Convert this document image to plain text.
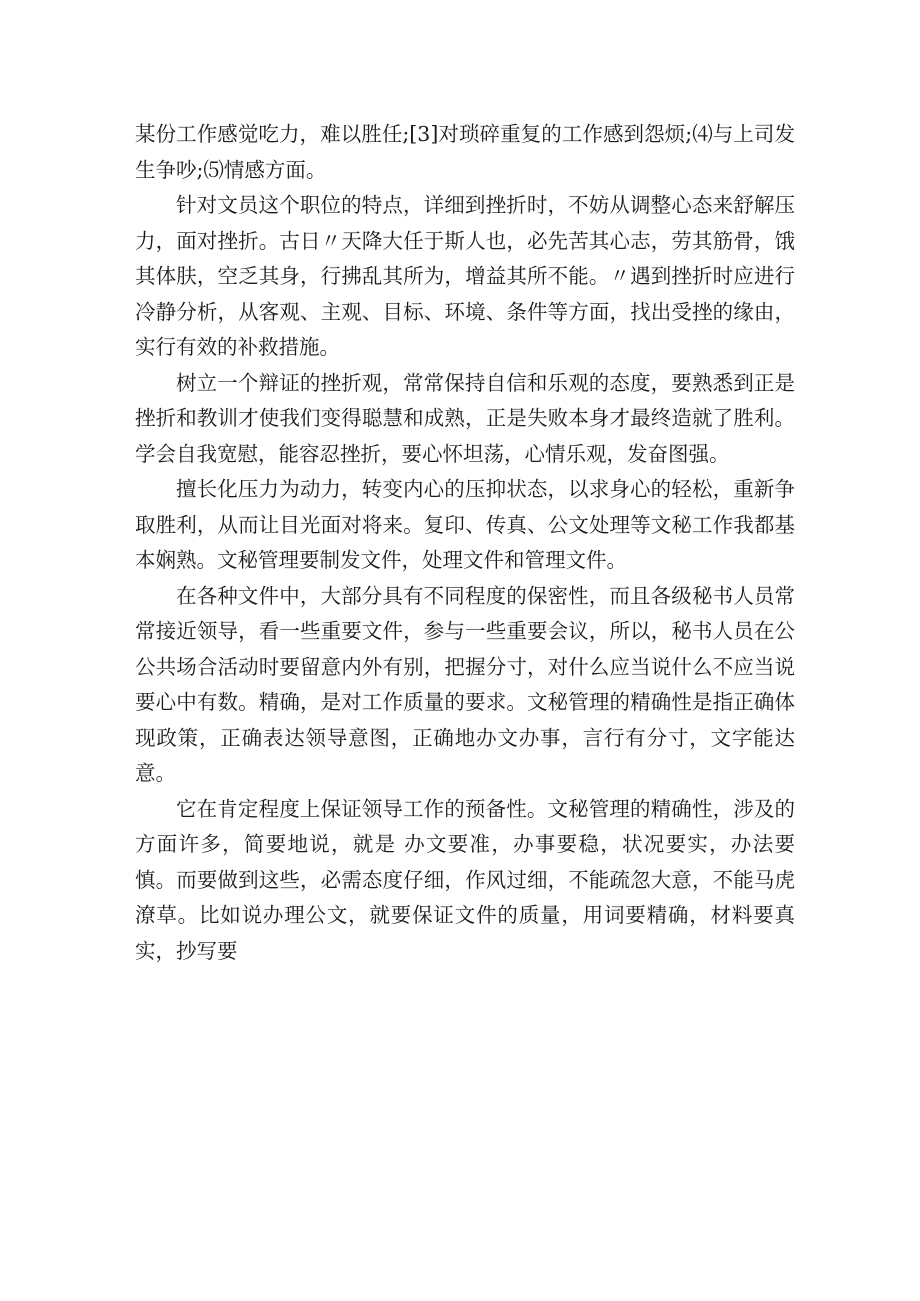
某份工作感觉吃力，难以胜任;[3]对琐碎重复的工作感到怨烦;⑷与上司发生争吵;⑸情感方面。

针对文员这个职位的特点，详细到挫折时，不妨从调整心态来舒解压力，面对挫折。古日〃天降大任于斯人也，必先苦其心志，劳其筋骨，饿其体肤，空乏其身，行拂乱其所为，增益其所不能。〃遇到挫折时应进行冷静分析，从客观、主观、目标、环境、条件等方面，找出受挫的缘由，实行有效的补救措施。

树立一个辩证的挫折观，常常保持自信和乐观的态度，要熟悉到正是挫折和教训才使我们变得聪慧和成熟，正是失败本身才最终造就了胜利。学会自我宽慰，能容忍挫折，要心怀坦荡，心情乐观，发奋图强。

擅长化压力为动力，转变内心的压抑状态，以求身心的轻松，重新争取胜利，从而让目光面对将来。复印、传真、公文处理等文秘工作我都基本娴熟。文秘管理要制发文件，处理文件和管理文件。

在各种文件中，大部分具有不同程度的保密性，而且各级秘书人员常常接近领导，看一些重要文件，参与一些重要会议，所以，秘书人员在公公共场合活动时要留意内外有别，把握分寸，对什么应当说什么不应当说要心中有数。精确，是对工作质量的要求。文秘管理的精确性是指正确体现政策，正确表达领导意图，正确地办文办事，言行有分寸，文字能达意。

它在肯定程度上保证领导工作的预备性。文秘管理的精确性，涉及的方面许多，简要地说，就是 办文要准，办事要稳，状况要实，办法要慎。而要做到这些，必需态度仔细，作风过细，不能疏忽大意，不能马虎潦草。比如说办理公文，就要保证文件的质量，用词要精确，材料要真实，抄写要
